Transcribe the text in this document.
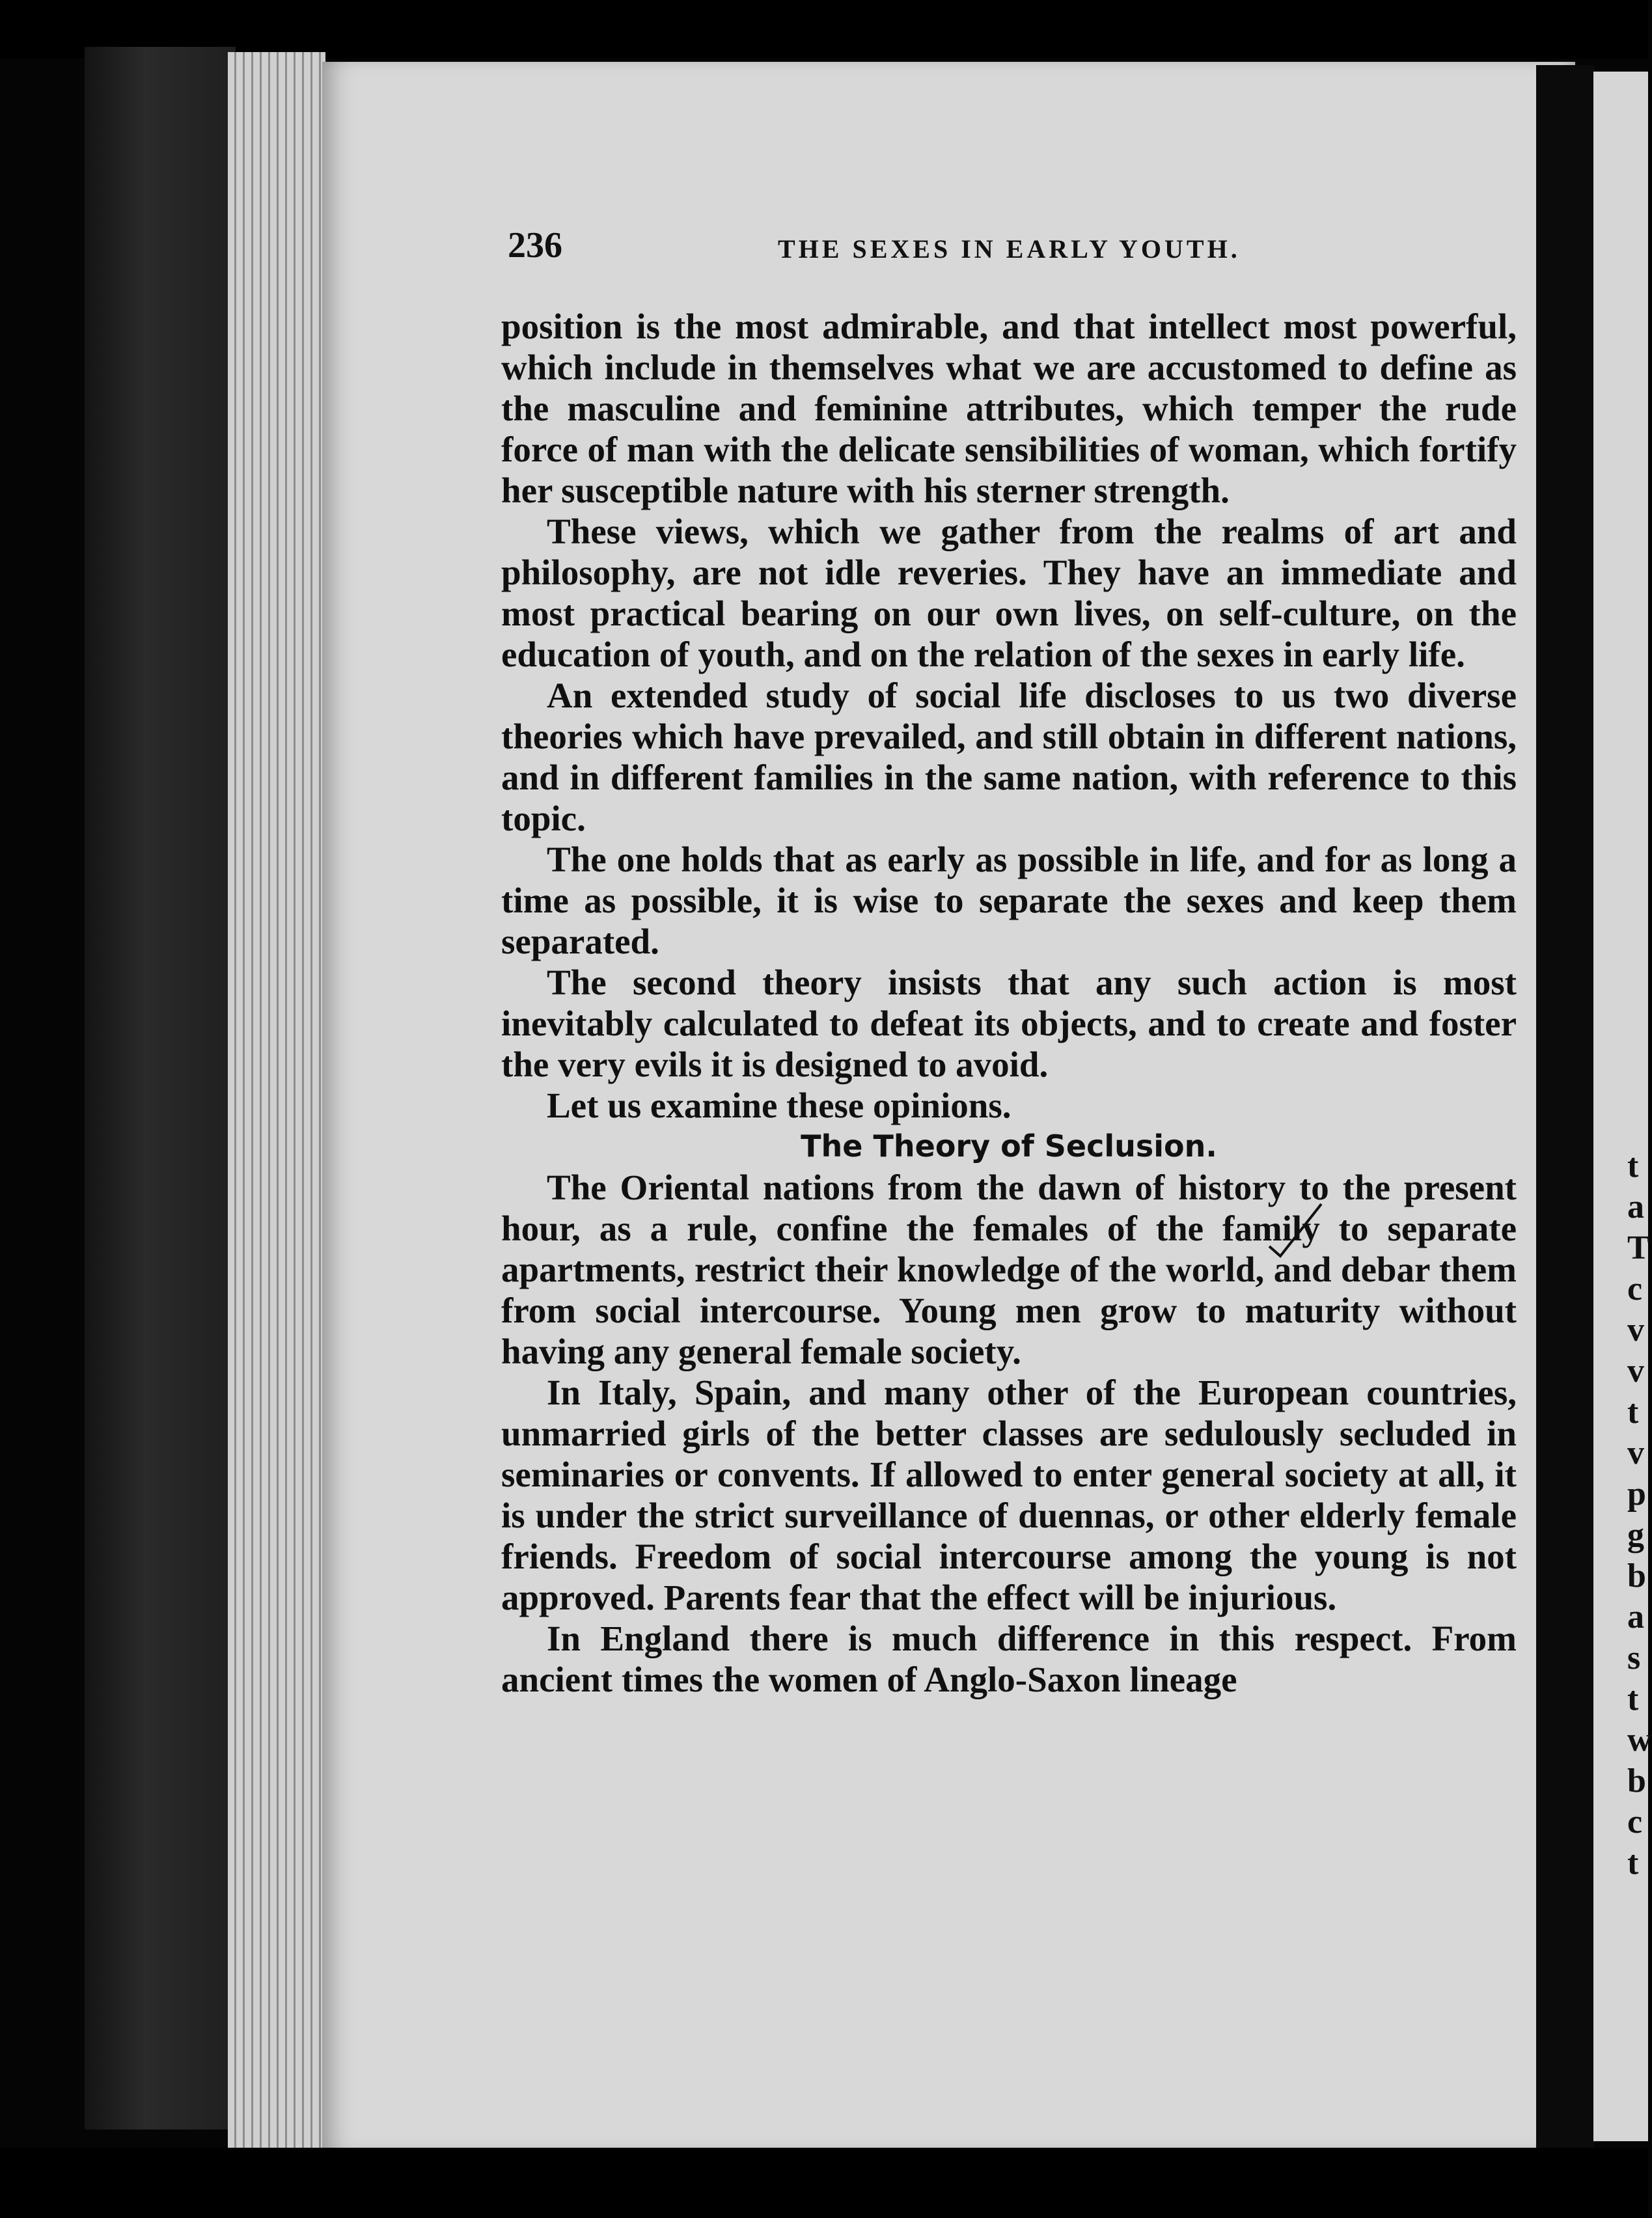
236	THE SEXES IN EARLY YOUTH.

position is the most admirable, and that intellect most powerful, which include in themselves what we are accustomed to define as the masculine and feminine attributes, which temper the rude force of man with the delicate sensibilities of woman, which fortify her susceptible nature with his sterner strength.

These views, which we gather from the realms of art and philosophy, are not idle reveries. They have an immediate and most practical bearing on our own lives, on self-culture, on the education of youth, and on the relation of the sexes in early life.

An extended study of social life discloses to us two diverse theories which have prevailed, and still obtain in different nations, and in different families in the same nation, with reference to this topic.

The one holds that as early as possible in life, and for as long a time as possible, it is wise to separate the sexes and keep them separated.

The second theory insists that any such action is most inevitably calculated to defeat its objects, and to create and foster the very evils it is designed to avoid.

Let us examine these opinions.

The Theory of Seclusion.

The Oriental nations from the dawn of history to the present hour, as a rule, confine the females of the family to separate apartments, restrict their knowledge of the world, and debar them from social intercourse. Young men grow to maturity without having any general female society.

In Italy, Spain, and many other of the European countries, unmarried girls of the better classes are sedulously secluded in seminaries or convents. If allowed to enter general society at all, it is under the strict surveillance of duennas, or other elderly female friends. Freedom of social intercourse among the young is not approved. Parents fear that the effect will be injurious.

In England there is much difference in this respect. From ancient times the women of Anglo-Saxon lineage

t
a
T
c
v
v
t
v
p
g
b
a
s
t
w
b
c
t
